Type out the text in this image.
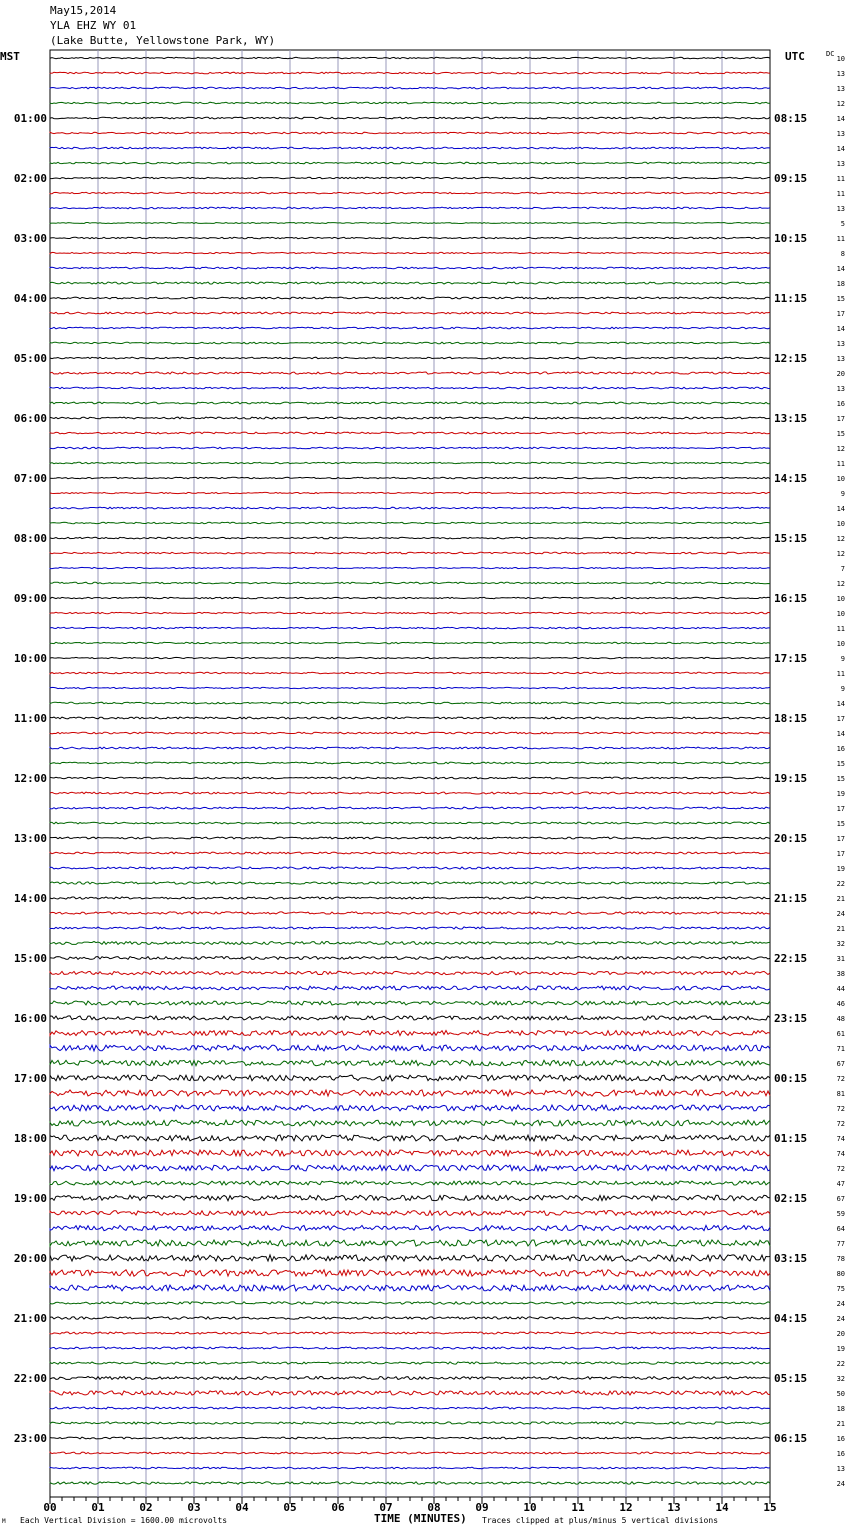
May15,2014
YLA EHZ WY 01
(Lake Butte, Yellowstone Park, WY)
MST	UTC	DC
10
13
13
12
14
13
14
13
11
11
13
5
11
8
14
18
15
17
14
13
13
20
13
16
17
15
12
11
10
9
14
10
12
12
7
12
10
10
11
10
9
11
9
14
17
14
16
15
15
19
17
15
17
17
19
22
21
24
21
32
31
38
44
46
48
61
71
67
72
81
72
72
74
74
72
47
67
59
64
77
78
80
75
24
24
20
19
22
32
50
18
21
16
16
13
24
01:00
02:00
03:00
04:00
05:00
06:00
07:00
08:00
09:00
10:00
11:00
12:00
13:00
14:00
15:00
16:00
17:00
18:00
19:00
20:00
21:00
22:00
23:00
08:15
09:15
10:15
11:15
12:15
13:15
14:15
15:15
16:15
17:15
18:15
19:15
20:15
21:15
22:15
23:15
00:15
01:15
02:15
03:15
04:15
05:15
06:15
00	01	02	03	04	05	06	07	08	09	10	11	12	13	14	15
M Each Vertical Division = 1600.00 microvolts	TIME (MINUTES) Traces clipped at plus/minus 5 vertical divisions
